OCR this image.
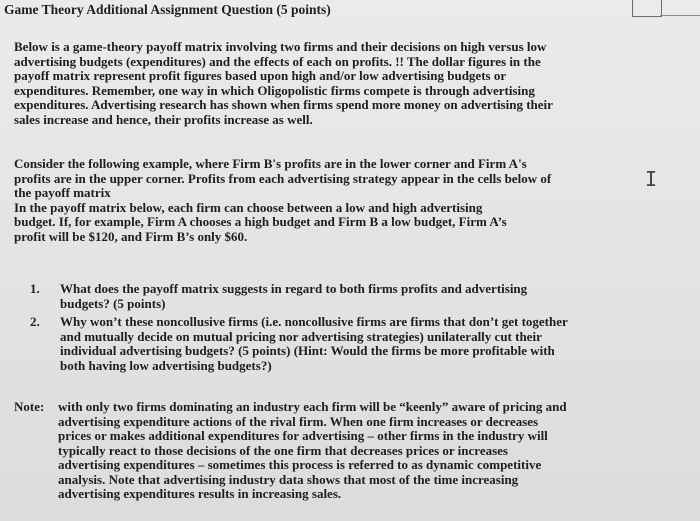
Game Theory Additional Assignment Question (5 points)
Below is a game-theory payoff matrix involving two firms and their decisions on high versus low
advertising budgets (expenditures) and the effects of each on profits. !! The dollar figures in the
payoff matrix represent profit figures based upon high and/or low advertising budgets or
expenditures. Remember, one way in which Oligopolistic firms compete is through advertising
expenditures. Advertising research has shown when firms spend more money on advertising their
sales increase and hence, their profits increase as well.
Consider the following example, where Firm B's profits are in the lower corner and Firm A's
profits are in the upper corner. Profits from each advertising strategy appear in the cells below of
the payoff matrix
In the payoff matrix below, each firm can choose between a low and high advertising
budget. If, for example, Firm A chooses a high budget and Firm B a low budget, Firm A’s
profit will be $120, and Firm B’s only $60.
Ι
1. What does the payoff matrix suggests in regard to both firms profits and advertising
budgets? (5 points)
2. Why won’t these noncollusive firms (i.e. noncollusive firms are firms that don’t get together
and mutually decide on mutual pricing nor advertising strategies) unilaterally cut their
individual advertising budgets? (5 points) (Hint: Would the firms be more profitable with
both having low advertising budgets?)
Note: with only two firms dominating an industry each firm will be “keenly” aware of pricing and
advertising expenditure actions of the rival firm. When one firm increases or decreases
prices or makes additional expenditures for advertising – other firms in the industry will
typically react to those decisions of the one firm that decreases prices or increases
advertising expenditures – sometimes this process is referred to as dynamic competitive
analysis. Note that advertising industry data shows that most of the time increasing
advertising expenditures results in increasing sales.
